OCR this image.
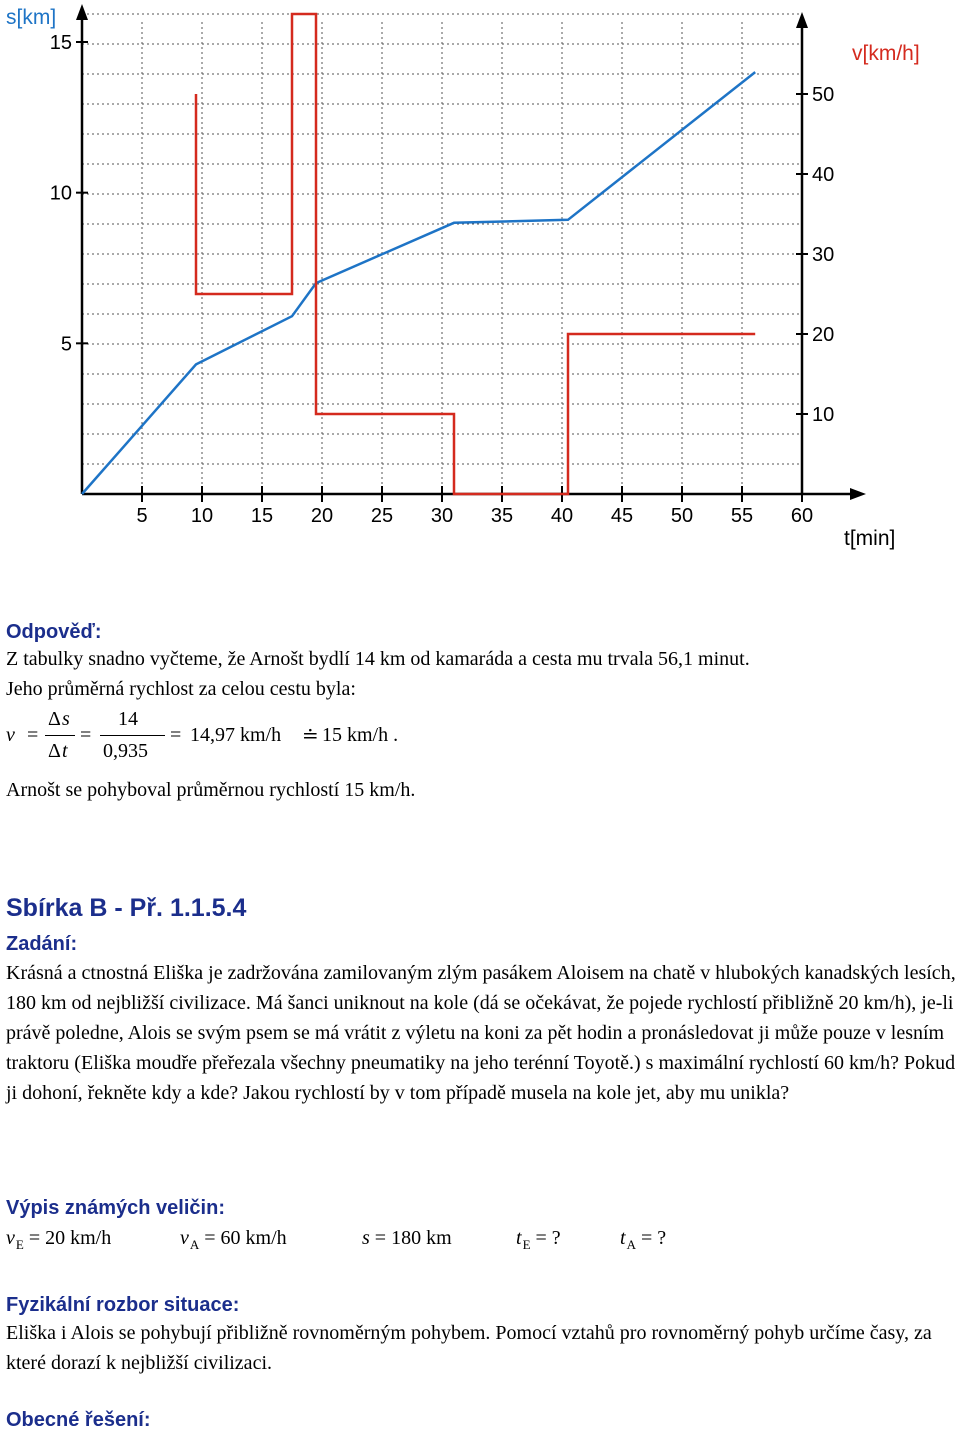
5 10 15 20 25 30 35 40 45 50 55 60
5
10
15
10
20
30
40
50
s[km]
v[km/h]
t[min]
Odpověď:
Z tabulky snadno vyčteme, že Arnošt bydlí 14 km od kamaráda a cesta mu trvala 56,1 minut.
Jeho průměrná rychlost za celou cestu byla:
v =
Δ s
Δ t
=
14
0,935
= 14,97 km/h ≐ 15 km/h .
Arnošt se pohyboval průměrnou rychlostí 15 km/h.
Sbírka B - Př. 1.1.5.4
Zadání:
Krásná a ctnostná Eliška je zadržována zamilovaným zlým pasákem Aloisem na chatě v hlubokých kanadských lesích, 180 km od nejbližší civilizace. Má šanci uniknout na kole (dá se očekávat, že pojede rychlostí přibližně 20 km/h), je-li právě poledne, Alois se svým psem se má vrátit z výletu na koni za pět hodin a pronásledovat ji může pouze v lesním traktoru (Eliška moudře přeřezala všechny pneumatiky na jeho terénní Toyotě.) s maximální rychlostí 60 km/h? Pokud ji dohoní, řekněte kdy a kde? Jakou rychlostí by v tom případě musela na kole jet, aby mu unikla?
Výpis známých veličin:
$v_E = 20$ km/h	$v_A = 60$ km/h	s = 180 km	$t_E$ = ?	$t_A$ = ?
Fyzikální rozbor situace:
Eliška i Alois se pohybují přibližně rovnoměrným pohybem. Pomocí vztahů pro rovnoměrný pohyb určíme časy, za které dorazí k nejbližší civilizaci.
Obecné řešení:
